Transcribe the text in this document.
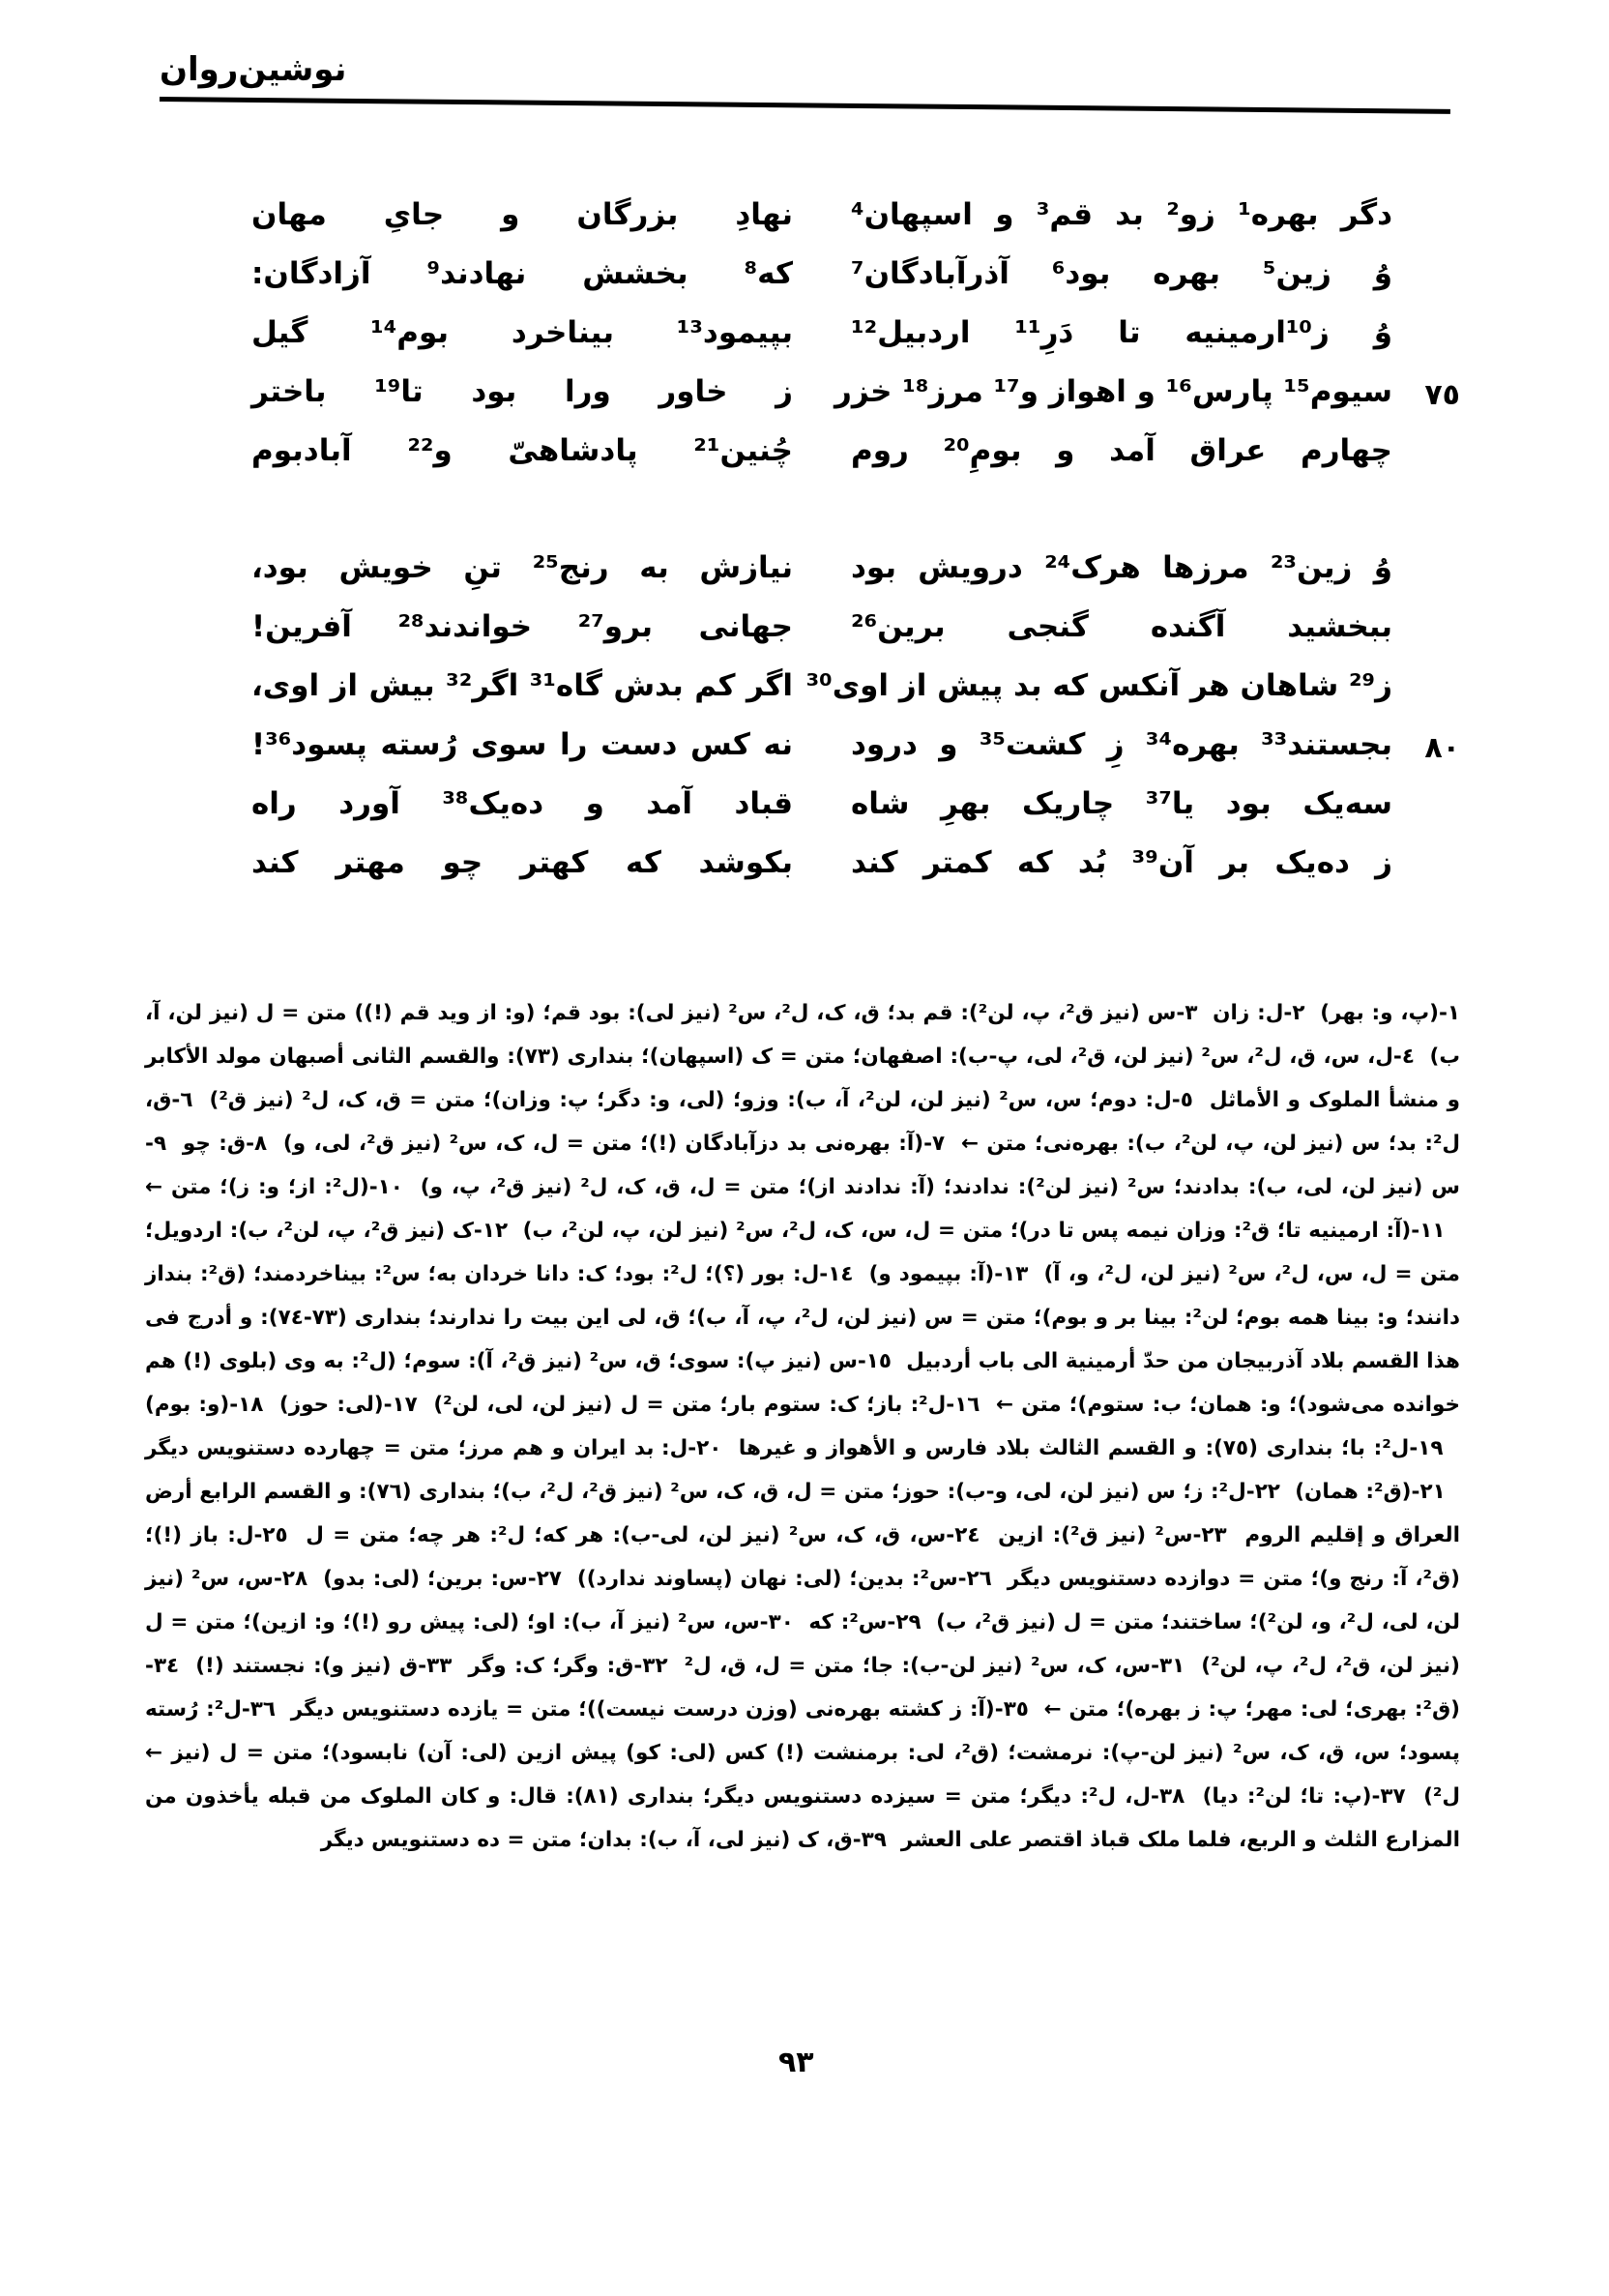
نوشین‌روان
دگر بهره¹ زو² بد قم³ و اسپهان⁴
نهادِ بزرگان و جایِ مهان
وُ زین⁵ بهره بود⁶ آذرآبادگان⁷
که⁸ بخشش نهادند⁹ آزادگان:
وُ ز¹⁰ارمینیه تا دَرِ¹¹ اردبیل¹²
بپیمود¹³ بیناخرد بوم¹⁴ گیل
٧٥
سیوم¹⁵ پارس¹⁶ و اهواز و¹⁷ مرز¹⁸ خزر
ز خاور ورا بود تا¹⁹ باختر
چهارم عراق آمد و بومِ²⁰ روم
چُنین²¹ پادشاهیّ و²² آبادبوم
وُ زین²³ مرزها هرک²⁴ درویش بود
نیازش به رنج²⁵ تنِ خویش بود،
ببخشید آگنده گنجی برین²⁶
جهانی برو²⁷ خواندند²⁸ آفرین!
ز²⁹ شاهان هر آنکس که بد پیش از اوی³⁰
اگر کم بدش گاه³¹ اگر³² بیش از اوی،
٨٠
بجستند³³ بهره³⁴ زِ کشت³⁵ و درود
نه کس دست را سوی رُسته پسود³⁶!
سه‌یک بود یا³⁷ چاریک بهرِ شاه
قباد آمد و ده‌یک³⁸ آورد راه
ز ده‌یک بر آن³⁹ بُد که کمتر کند
بکوشد که کهتر چو مهتر کند
١-(پ، و: بهر)٢-ل: زان٣-س (نیز ق²، پ، لن²): قم بد؛ ق، ک، ل²، س² (نیز لی): بود قم؛ (و: از وید قم (!)) متن = ل (نیز لن، آ، ب)٤-ل، س، ق، ل²، س² (نیز لن، ق²، لی، پ-ب): اصفهان؛ متن = ک (اسپهان)؛ بنداری (٧٣): والقسم الثانی أصبهان مولد الأکابر و منشأ الملوک و الأماثل٥-ل: دوم؛ س، س² (نیز لن، لن²، آ، ب): وزو؛ (لی، و: دگر؛ پ: وزان)؛ متن = ق، ک، ل² (نیز ق²)٦-ق، ل²: بد؛ س (نیز لن، پ، لن²، ب): بهره‌نی؛ متن ←٧-(آ: بهره‌نی بد دزآبادگان (!)؛ متن = ل، ک، س² (نیز ق²، لی، و)٨-ق: چو٩-س (نیز لن، لی، ب): بدادند؛ س² (نیز لن²): ندادند؛ (آ: ندادند از)؛ متن = ل، ق، ک، ل² (نیز ق²، پ، و)١٠-(ل²: از؛ و: ز)؛ متن ←١١-(آ: ارمینیه تا؛ ق²: وزان نیمه پس تا در)؛ متن = ل، س، ک، ل²، س² (نیز لن، پ، لن²، ب)١٢-ک (نیز ق²، پ، لن²، ب): اردویل؛ متن = ل، س، ل²، س² (نیز لن، ل²، و، آ)١٣-(آ: بپیمود و)١٤-ل: بور (؟)؛ ل²: بود؛ ک: دانا خردان به؛ س²: بیناخردمند؛ (ق²: بنداز دانند؛ و: بینا همه بوم؛ لن²: بینا بر و بوم)؛ متن = س (نیز لن، ل²، پ، آ، ب)؛ ق، لی این بیت را ندارند؛ بنداری (٧٣-٧٤): و أدرج فی هذا القسم بلاد آذربیجان من حدّ أرمینیة الی باب أردبیل١٥-س (نیز پ): سوی؛ ق، س² (نیز ق²، آ): سوم؛ (ل²: به وی (بلوی (!) هم خوانده می‌شود)؛ و: همان؛ ب: ستوم)؛ متن ←١٦-ل²: باز؛ ک: ستوم بار؛ متن = ل (نیز لن، لی، لن²)١٧-(لی: حوز)١٨-(و: بوم)١٩-ل²: با؛ بنداری (٧٥): و القسم الثالث بلاد فارس و الأهواز و غیرها٢٠-ل: بد ایران و هم مرز؛ متن = چهارده دستنویس دیگر٢١-(ق²: همان)٢٢-ل²: ز؛ س (نیز لن، لی، و-ب): حوز؛ متن = ل، ق، ک، س² (نیز ق²، ل²، ب)؛ بنداری (٧٦): و القسم الرابع أرض العراق و إقلیم الروم٢٣-س² (نیز ق²): ازین٢٤-س، ق، ک، س² (نیز لن، لی-ب): هر که؛ ل²: هر چه؛ متن = ل٢٥-ل: باز (!)؛ (ق²، آ: رنج و)؛ متن = دوازده دستنویس دیگر٢٦-س²: بدین؛ (لی: نهان (پساوند ندارد))٢٧-س: برین؛ (لی: بدو)٢٨-س، س² (نیز لن، لی، ل²، و، لن²)؛ ساختند؛ متن = ل (نیز ق²، ب)٢٩-س²: که٣٠-س، س² (نیز آ، ب): او؛ (لی: پیش رو (!)؛ و: ازین)؛ متن = ل (نیز لن، ق²، ل²، پ، لن²)٣١-س، ک، س² (نیز لن-ب): جا؛ متن = ل، ق، ل²٣٢-ق: وگر؛ ک: وگر٣٣-ق (نیز و): نجستند (!)٣٤-(ق²: بهری؛ لی: مهر؛ پ: ز بهره)؛ متن ←٣٥-(آ: ز کشته بهره‌نی (وزن درست نیست))؛ متن = یازده دستنویس دیگر٣٦-ل²: رُسته پسود؛ س، ق، ک، س² (نیز لن-پ): نرمشت؛ (ق²، لی: برمنشت (!) کس (لی: کو) پیش ازین (لی: آن) نابسود)؛ متن = ل (نیز ← ل²)٣٧-(پ: تا؛ لن²: دیا)٣٨-ل، ل²: دیگر؛ متن = سیزده دستنویس دیگر؛ بنداری (٨١): قال: و کان الملوک من قبله یأخذون من المزارع الثلث و الربع، فلما ملک قباذ اقتصر علی العشر٣٩-ق، ک (نیز لی، آ، ب): بدان؛ متن = ده دستنویس دیگر
٩٣
